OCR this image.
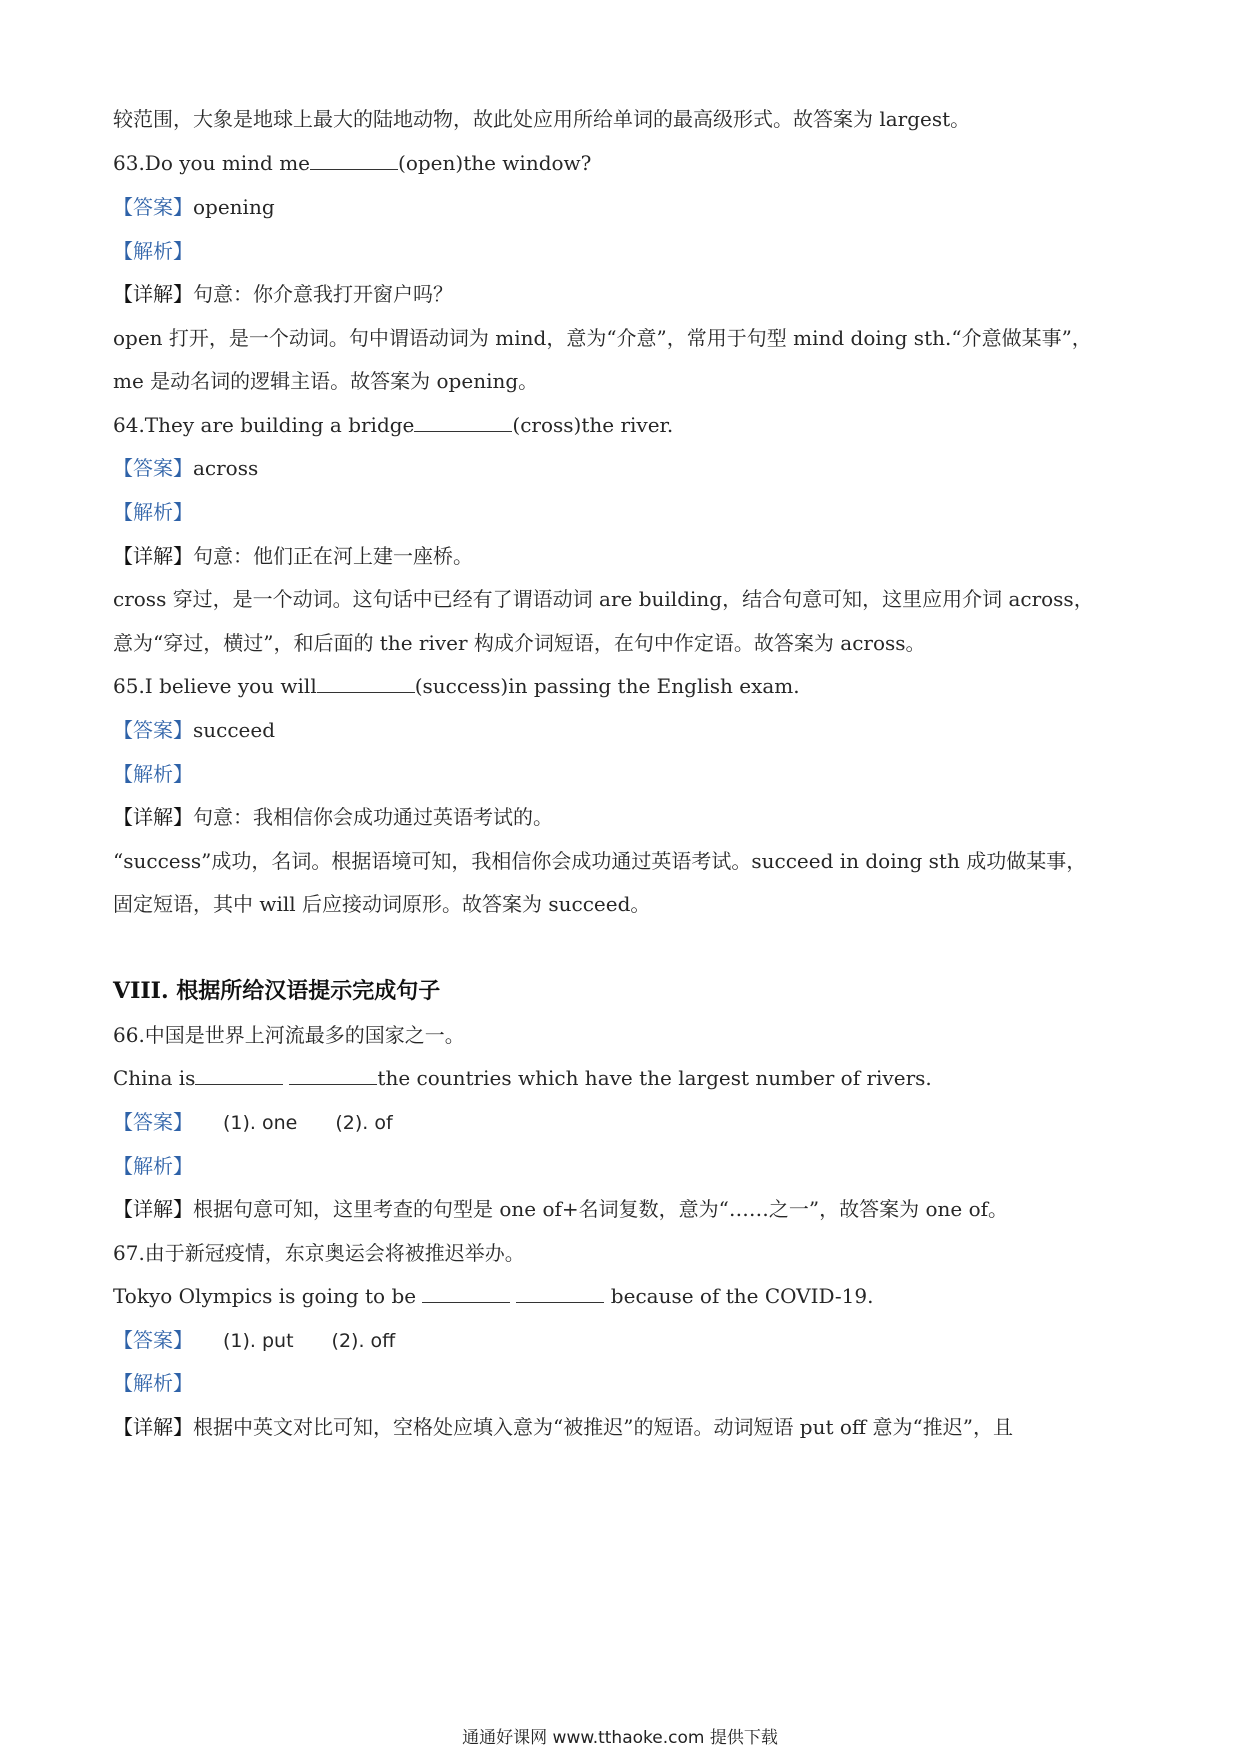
较范围，大象是地球上最大的陆地动物，故此处应用所给单词的最高级形式。故答案为 largest。

63.Do you mind me	(open)the window?

【答案】opening

【解析】

【详解】句意：你介意我打开窗户吗？

open 打开，是一个动词。句中谓语动词为 mind，意为“介意”，常用于句型 mind doing sth.“介意做某事”，

me 是动名词的逻辑主语。故答案为 opening。

64.They are building a bridge	(cross)the river.

【答案】across

【解析】

【详解】句意：他们正在河上建一座桥。

cross 穿过，是一个动词。这句话中已经有了谓语动词 are building，结合句意可知，这里应用介词 across，

意为“穿过，横过”，和后面的 the river 构成介词短语，在句中作定语。故答案为 across。

65.I believe you will	(success)in passing the English exam.

【答案】succeed

【解析】

【详解】句意：我相信你会成功通过英语考试的。

“success”成功，名词。根据语境可知，我相信你会成功通过英语考试。succeed in doing sth 成功做某事，

固定短语，其中 will 后应接动词原形。故答案为 succeed。

VIII. 根据所给汉语提示完成句子

66.中国是世界上河流最多的国家之一。

China is	the countries which have the largest number of rivers.

【答案】 (1). one (2). of

【解析】

【详解】根据句意可知，这里考查的句型是 one of+名词复数，意为“……之一”，故答案为 one of。

67.由于新冠疫情，东京奥运会将被推迟举办。

Tokyo Olympics is going to be	because of the COVID-19.

【答案】 (1). put (2). off

【解析】

【详解】根据中英文对比可知，空格处应填入意为“被推迟”的短语。动词短语 put off 意为“推迟”，且

通通好课网 www.tthaoke.com 提供下载
